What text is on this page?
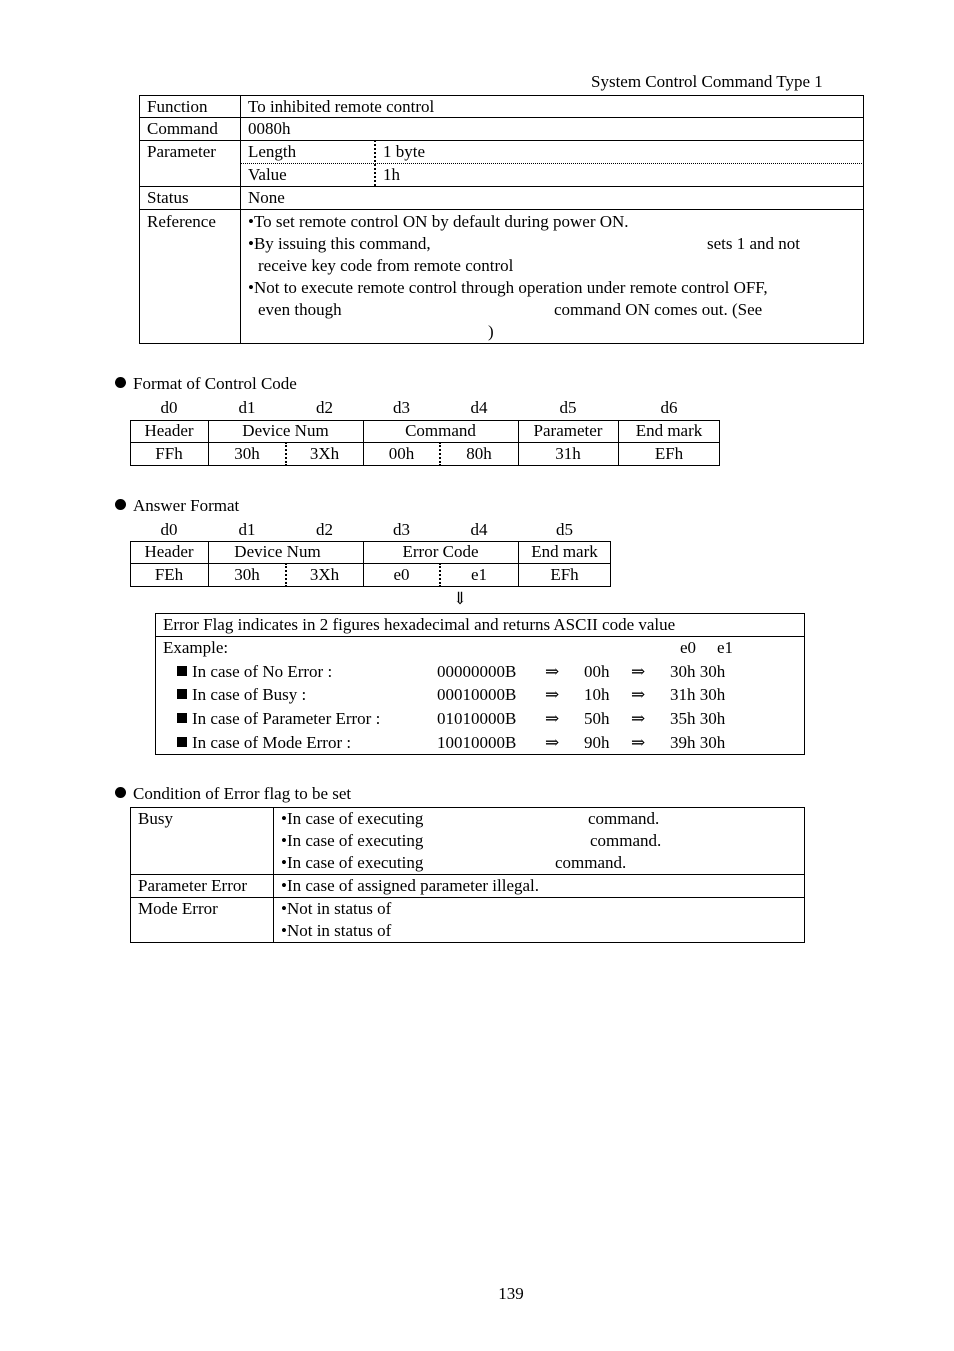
System Control Command Type 1
Function To inhibited remote control
Command 0080h
Parameter Length	1 byte
Value	1h
Status	None
Reference •To set remote control ON by default during power ON.
•By issuing this command,	sets 1 and not
receive key code from remote control
•Not to execute remote control through operation under remote control OFF,
even though	command ON comes out. (See
)
Format of Control Code
d0	d1	d2	d3	d4	d5	d6
Header	Device Num	Command	Parameter	End mark
FFh	30h	3Xh	00h	80h	31h	EFh
Answer Format
d0	d1	d2	d3	d4	d5
Header	Device Num	Error Code	End mark
FEh	30h	3Xh	e0	e1	EFh
⇓
Error Flag indicates in 2 figures hexadecimal and returns ASCII code value
Example:	e0 e1
In case of No Error :	00000000B ⇒ 00h ⇒ 30h 30h
In case of Busy :	00010000B ⇒ 10h ⇒ 31h 30h
In case of Parameter Error :	01010000B ⇒ 50h ⇒ 35h 30h
In case of Mode Error :	10010000B ⇒ 90h ⇒ 39h 30h
Condition of Error flag to be set
Busy	•In case of executing	command.
•In case of executing	command.
•In case of executing	command.
Parameter Error •In case of assigned parameter illegal.
Mode Error	•Not in status of
•Not in status of
139
